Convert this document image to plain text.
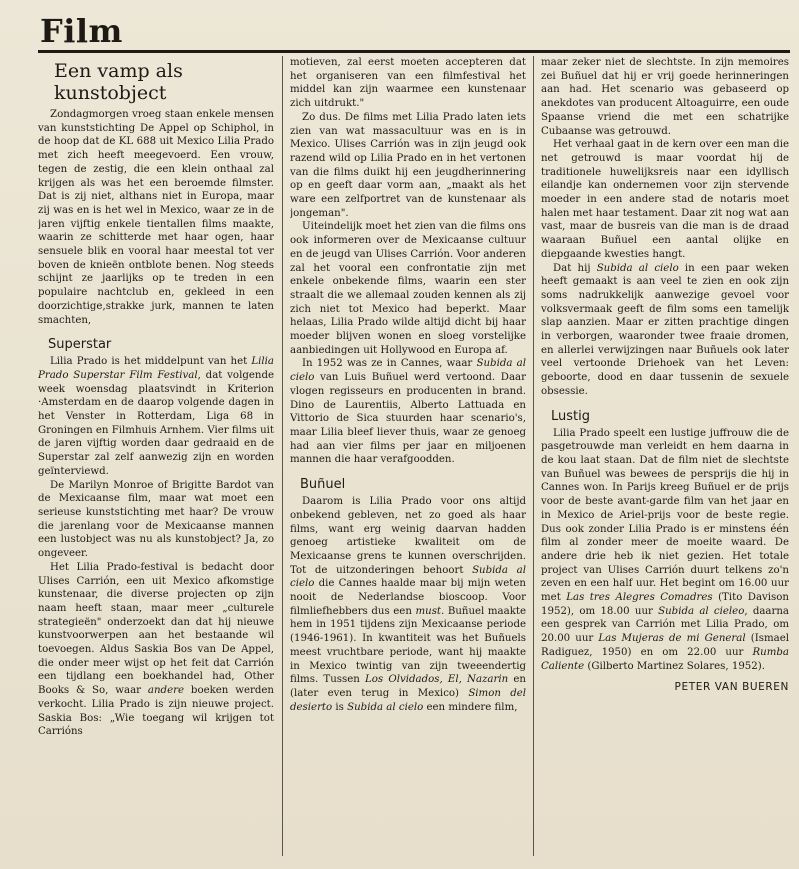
Film
Een vamp als kunstobject

Zondagmorgen vroeg staan enkele mensen van kunststichting De Appel op Schiphol, in de hoop dat de KL 688 uit Mexico Lilia Prado met zich heeft meegevoerd. Een vrouw, tegen de zestig, die een klein onthaal zal krijgen als was het een beroemde filmster. Dat is zij niet, althans niet in Europa, maar zij was en is het wel in Mexico, waar ze in de jaren vijftig enkele tientallen films maakte, waarin ze schitterde met haar ogen, haar sensuele blik en vooral haar meestal tot ver boven de knieën ontblote benen. Nog steeds schijnt ze jaarlijks op te treden in een populaire nachtclub en, gekleed in een doorzichtige,strakke jurk, mannen te laten smachten,

Superstar

Lilia Prado is het middelpunt van het Lilia Prado Superstar Film Festival, dat volgende week woensdag plaatsvindt in Kriterion ·Amsterdam en de daarop volgende dagen in het Venster in Rotterdam, Liga 68 in Groningen en Filmhuis Arnhem. Vier films uit de jaren vijftig worden daar gedraaid en de Superstar zal zelf aanwezig zijn en worden geïnterviewd.

De Marilyn Monroe of Brigitte Bardot van de Mexicaanse film, maar wat moet een serieuse kunststichting met haar? De vrouw die jarenlang voor de Mexicaanse mannen een lustobject was nu als kunstobject? Ja, zo ongeveer.

Het Lilia Prado-festival is bedacht door Ulises Carrión, een uit Mexico afkomstige kunstenaar, die diverse projecten op zijn naam heeft staan, maar meer „culturele strategieën" onderzoekt dan dat hij nieuwe kunstvoorwerpen aan het bestaande wil toevoegen. Aldus Saskia Bos van De Appel, die onder meer wijst op het feit dat Carrión een tijdlang een boekhandel had, Other Books & So, waar andere boeken werden verkocht. Lilia Prado is zijn nieuwe project. Saskia Bos: „Wie toegang wil krijgen tot Carrións

motieven, zal eerst moeten accepteren dat het organiseren van een filmfestival het middel kan zijn waarmee een kunstenaar zich uitdrukt."

Zo dus. De films met Lilia Prado laten iets zien van wat massacultuur was en is in Mexico. Ulises Carrión was in zijn jeugd ook razend wild op Lilia Prado en in het vertonen van die films duikt hij een jeugdherinnering op en geeft daar vorm aan, „maakt als het ware een zelfportret van de kunstenaar als jongeman".

Uiteindelijk moet het zien van die films ons ook informeren over de Mexicaanse cultuur en de jeugd van Ulises Carrión. Voor anderen zal het vooral een confrontatie zijn met enkele onbekende films, waarin een ster straalt die we allemaal zouden kennen als zij zich niet tot Mexico had beperkt. Maar helaas, Lilia Prado wilde altijd dicht bij haar moeder blijven wonen en sloeg vorstelijke aanbiedingen uit Hollywood en Europa af.

In 1952 was ze in Cannes, waar Subida al cielo van Luis Buñuel werd vertoond. Daar vlogen regisseurs en producenten in brand. Dino de Laurentiis, Alberto Lattuada en Vittorio de Sica stuurden haar scenario's, maar Lilia bleef liever thuis, waar ze genoeg had aan vier films per jaar en miljoenen mannen die haar verafgoodden.

Buñuel

Daarom is Lilia Prado voor ons altijd onbekend gebleven, net zo goed als haar films, want erg weinig daarvan hadden genoeg artistieke kwaliteit om de Mexicaanse grens te kunnen overschrijden. Tot de uitzonderingen behoort Subida al cielo die Cannes haalde maar bij mijn weten nooit de Nederlandse bioscoop. Voor filmliefhebbers dus een must. Buñuel maakte hem in 1951 tijdens zijn Mexicaanse periode (1946-1961). In kwantiteit was het Buñuels meest vruchtbare periode, want hij maakte in Mexico twintig van zijn tweeendertig films. Tussen Los Olvidados, El, Nazarin en (later even terug in Mexico) Simon del desierto is Subida al cielo een mindere film,

maar zeker niet de slechtste. In zijn memoires zei Buñuel dat hij er vrij goede herinneringen aan had. Het scenario was gebaseerd op anekdotes van producent Altoaguirre, een oude Spaanse vriend die met een schatrijke Cubaanse was getrouwd.

Het verhaal gaat in de kern over een man die net getrouwd is maar voordat hij de traditionele huwelijksreis naar een idyllisch eilandje kan ondernemen voor zijn stervende moeder in een andere stad de notaris moet halen met haar testament. Daar zit nog wat aan vast, maar de busreis van die man is de draad waaraan Buñuel een aantal olijke en diepgaande kwesties hangt.

Dat hij Subida al cielo in een paar weken heeft gemaakt is aan veel te zien en ook zijn soms nadrukkelijk aanwezige gevoel voor volksvermaak geeft de film soms een tamelijk slap aanzien. Maar er zitten prachtige dingen in verborgen, waaronder twee fraaie dromen, en allerlei verwijzingen naar Buñuels ook later veel vertoonde Driehoek van het Leven: geboorte, dood en daar tussenin de sexuele obsessie.

Lustig

Lilia Prado speelt een lustige juffrouw die de pasgetrouwde man verleidt en hem daarna in de kou laat staan. Dat de film niet de slechtste van Buñuel was bewees de persprijs die hij in Cannes won. In Parijs kreeg Buñuel er de prijs voor de beste avant-garde film van het jaar en in Mexico de Ariel-prijs voor de beste regie. Dus ook zonder Lilia Prado is er minstens één film al zonder meer de moeite waard. De andere drie heb ik niet gezien. Het totale project van Ulises Carrión duurt telkens zo'n zeven en een half uur. Het begint om 16.00 uur met Las tres Alegres Comadres (Tito Davison 1952), om 18.00 uur Subida al cieleo, daarna een gesprek van Carrión met Lilia Prado, om 20.00 uur Las Mujeras de mi General (Ismael Radiguez, 1950) en om 22.00 uur Rumba Caliente (Gilberto Martinez Solares, 1952).

PETER VAN BUEREN
